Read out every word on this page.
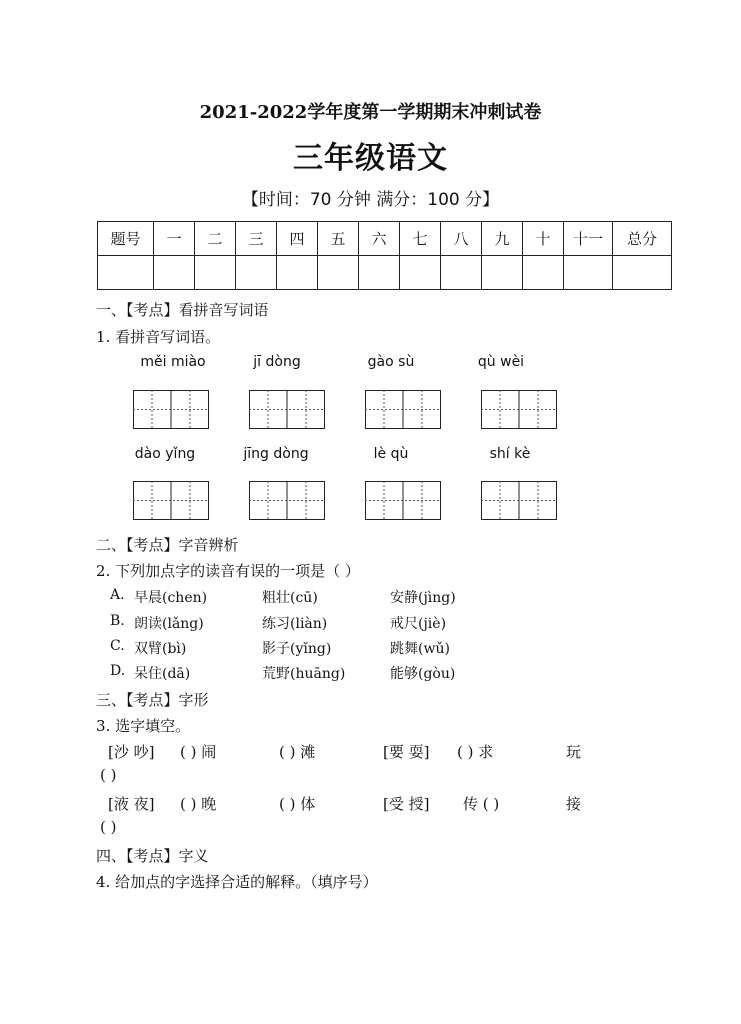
2021-2022学年度第一学期期末冲刺试卷
三年级语文
【时间：70 分钟 满分：100 分】
题号	一	二	三	四	五	六	七	八	九	十	十一	总分

一、【考点】看拼音写词语
1. 看拼音写词语。
měi miào	jī dòng	gào sù	qù wèi
dào yǐng	jīng dòng	lè qù	shí kè
二、【考点】字音辨析
2. 下列加点字的读音有误的一项是（ ）
A. 早晨(chen)	粗壮(cū)	安静(jìng)
B. 朗读(lǎng)	练习(liàn)	戒尺(jiè)
C. 双臂(bì)	影子(yǐng)	跳舞(wǔ)
D. 呆住(dā)	荒野(huāng)	能够(gòu)
三、【考点】字形
3. 选字填空。
[沙 吵] ( ) 闹	( ) 滩	[要 耍] ( ) 求	玩
( )
[液 夜] ( ) 晚	( ) 体	[受 授] 传 ( )	接
( )
四、【考点】字义
4. 给加点的字选择合适的解释。（填序号）
